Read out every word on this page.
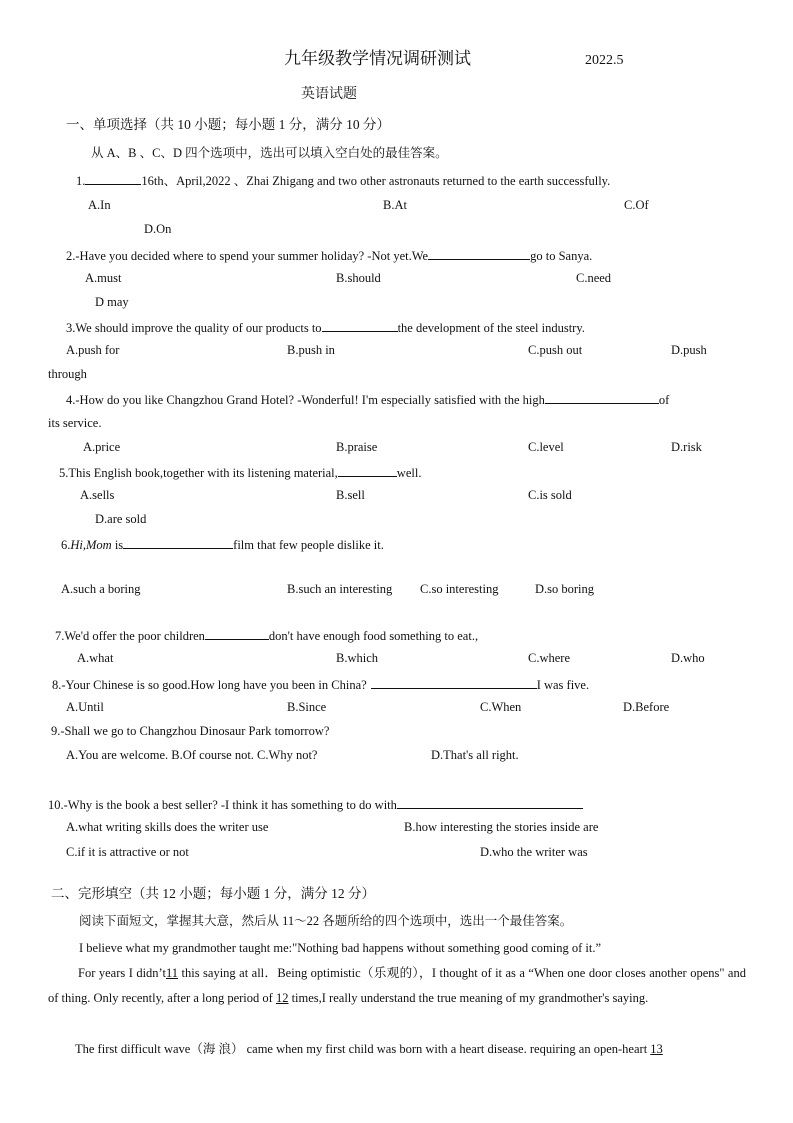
九年级教学情况调研测试	2022.5
英语试题
一、单项选择（共 10 小题；每小题 1 分，满分 10 分）
从 A、B 、C、D 四个选项中，选出可以填入空白处的最佳答案。
1.	16th、April,2022 、Zhai Zhigang and two other astronauts returned to the earth successfully.
A.In	B.At	C.Of
D.On
2.-Have you decided where to spend your summer holiday? -Not yet.We	go to Sanya.
A.must	B.should	C.need
D may
3.We should improve the quality of our products to	the development of the steel industry.
A.push for	B.push in	C.push out	D.push
through
4.-How do you like Changzhou Grand Hotel? -Wonderful! I'm especially satisfied with the high	of
its service.
A.price	B.praise	C.level	D.risk
5.This English book,together with its listening material,	well.
A.sells	B.sell	C.is sold
D.are sold
6.Hi,Mom is	film that few people dislike it.
A.such a boring	B.such an interesting C.so interesting	D.so boring
7.We'd offer the poor children	don't have enough food something to eat.,
A.what	B.which	C.where	D.who
8.-Your Chinese is so good.How long have you been in China?	I was five.
A.Until	B.Since	C.When	D.Before
9.-Shall we go to Changzhou Dinosaur Park tomorrow?
A.You are welcome. B.Of course not. C.Why not?	D.That's all right.
10.-Why is the book a best seller? -I think it has something to do with
A.what writing skills does the writer use	B.how interesting the stories inside are
C.if it is attractive or not	D.who the writer was
二、完形填空（共 12 小题；每小题 1 分，满分 12 分）
阅读下面短文，掌握其大意，然后从 11～22 各题所给的四个选项中，选出一个最佳答案。
I believe what my grandmother taught me:"Nothing bad happens without something good coming of it.”
For years I didn’t11 this saying at all．Being optimistic（乐观的），I thought of it as a “When one door closes another opens" and of thing. Only recently, after a long period of 12 times,I really understand the true meaning of my grandmother's saying.
The first difficult wave（海 浪） came when my first child was born with a heart disease. requiring an open-heart 13
